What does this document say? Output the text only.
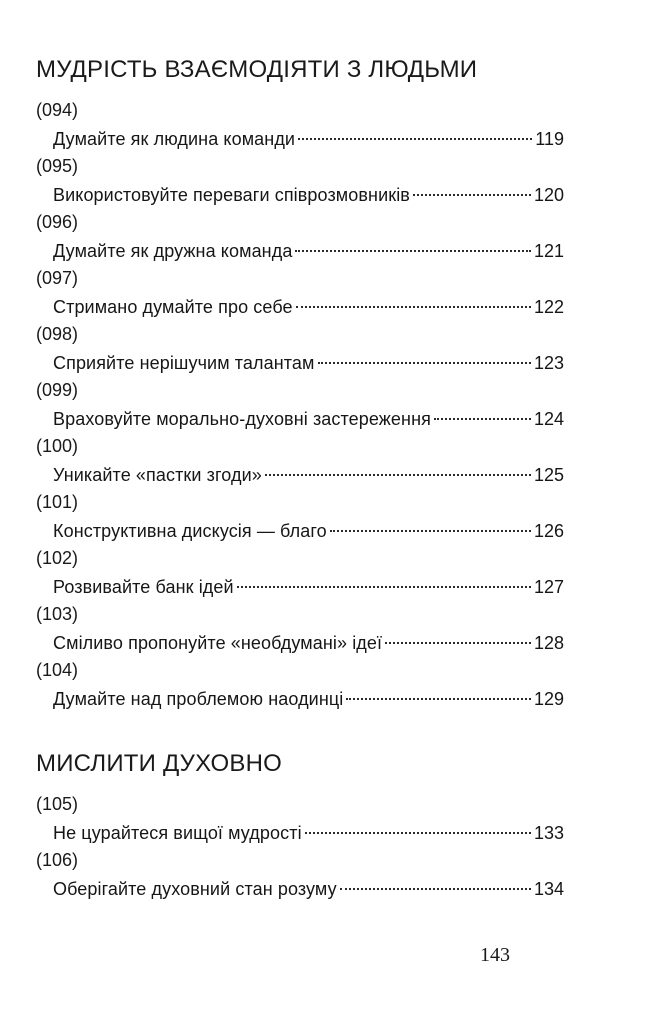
МУДРІСТЬ ВЗАЄМОДІЯТИ З ЛЮДЬМИ
(094)
Думайте як людина команди	119
(095)
Використовуйте переваги співрозмовників	120
(096)
Думайте як дружна команда	121
(097)
Стримано думайте про себе	122
(098)
Сприяйте нерішучим талантам	123
(099)
Враховуйте морально-духовні застереження	124
(100)
Уникайте «пастки згоди»	125
(101)
Конструктивна дискусія — благо	126
(102)
Розвивайте банк ідей	127
(103)
Сміливо пропонуйте «необдумані» ідеї	128
(104)
Думайте над проблемою наодинці	129
МИСЛИТИ ДУХОВНО
(105)
Не цурайтеся вищої мудрості	133
(106)
Оберігайте духовний стан розуму	134
143
